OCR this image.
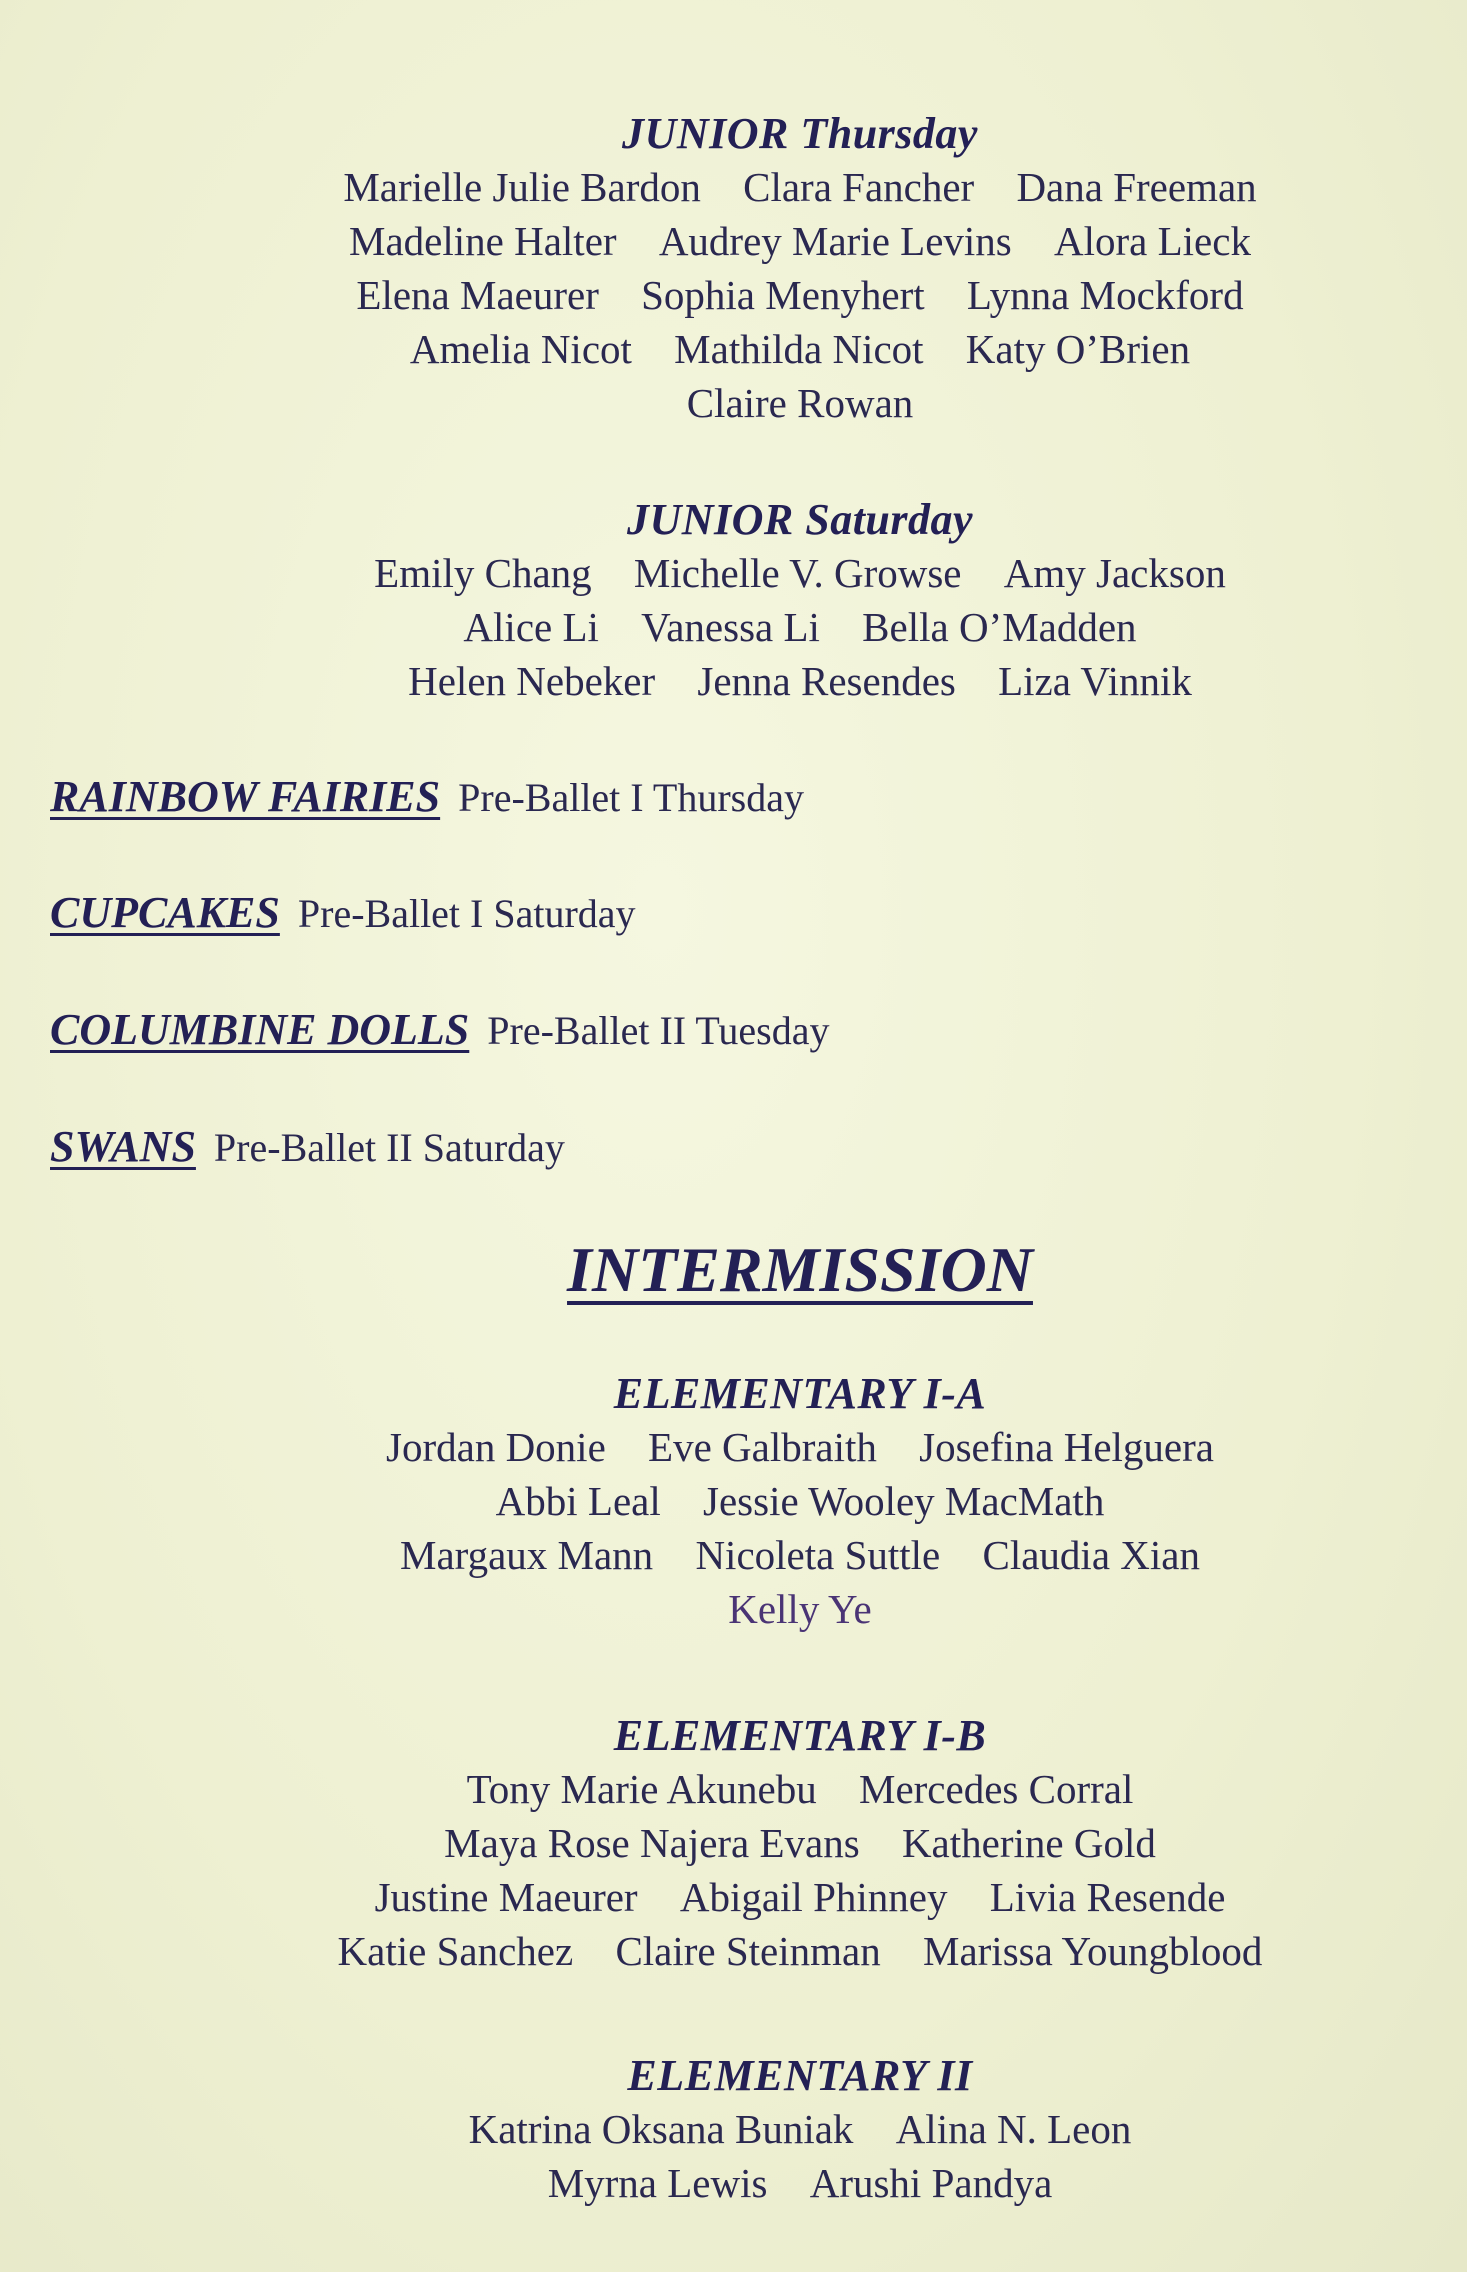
JUNIOR Thursday
Marielle Julie Bardon Clara Fancher Dana Freeman
Madeline Halter Audrey Marie Levins Alora Lieck
Elena Maeurer Sophia Menyhert Lynna Mockford
Amelia Nicot Mathilda Nicot Katy O’Brien
Claire Rowan
JUNIOR Saturday
Emily Chang Michelle V. Growse Amy Jackson
Alice Li Vanessa Li Bella O’Madden
Helen Nebeker Jenna Resendes Liza Vinnik
RAINBOW FAIRIES Pre-Ballet I Thursday
CUPCAKES Pre-Ballet I Saturday
COLUMBINE DOLLS Pre-Ballet II Tuesday
SWANS Pre-Ballet II Saturday
INTERMISSION
ELEMENTARY I-A
Jordan Donie Eve Galbraith Josefina Helguera
Abbi Leal Jessie Wooley MacMath
Margaux Mann Nicoleta Suttle Claudia Xian
Kelly Ye
ELEMENTARY I-B
Tony Marie Akunebu Mercedes Corral
Maya Rose Najera Evans Katherine Gold
Justine Maeurer Abigail Phinney Livia Resende
Katie Sanchez Claire Steinman Marissa Youngblood
ELEMENTARY II
Katrina Oksana Buniak Alina N. Leon
Myrna Lewis Arushi Pandya
